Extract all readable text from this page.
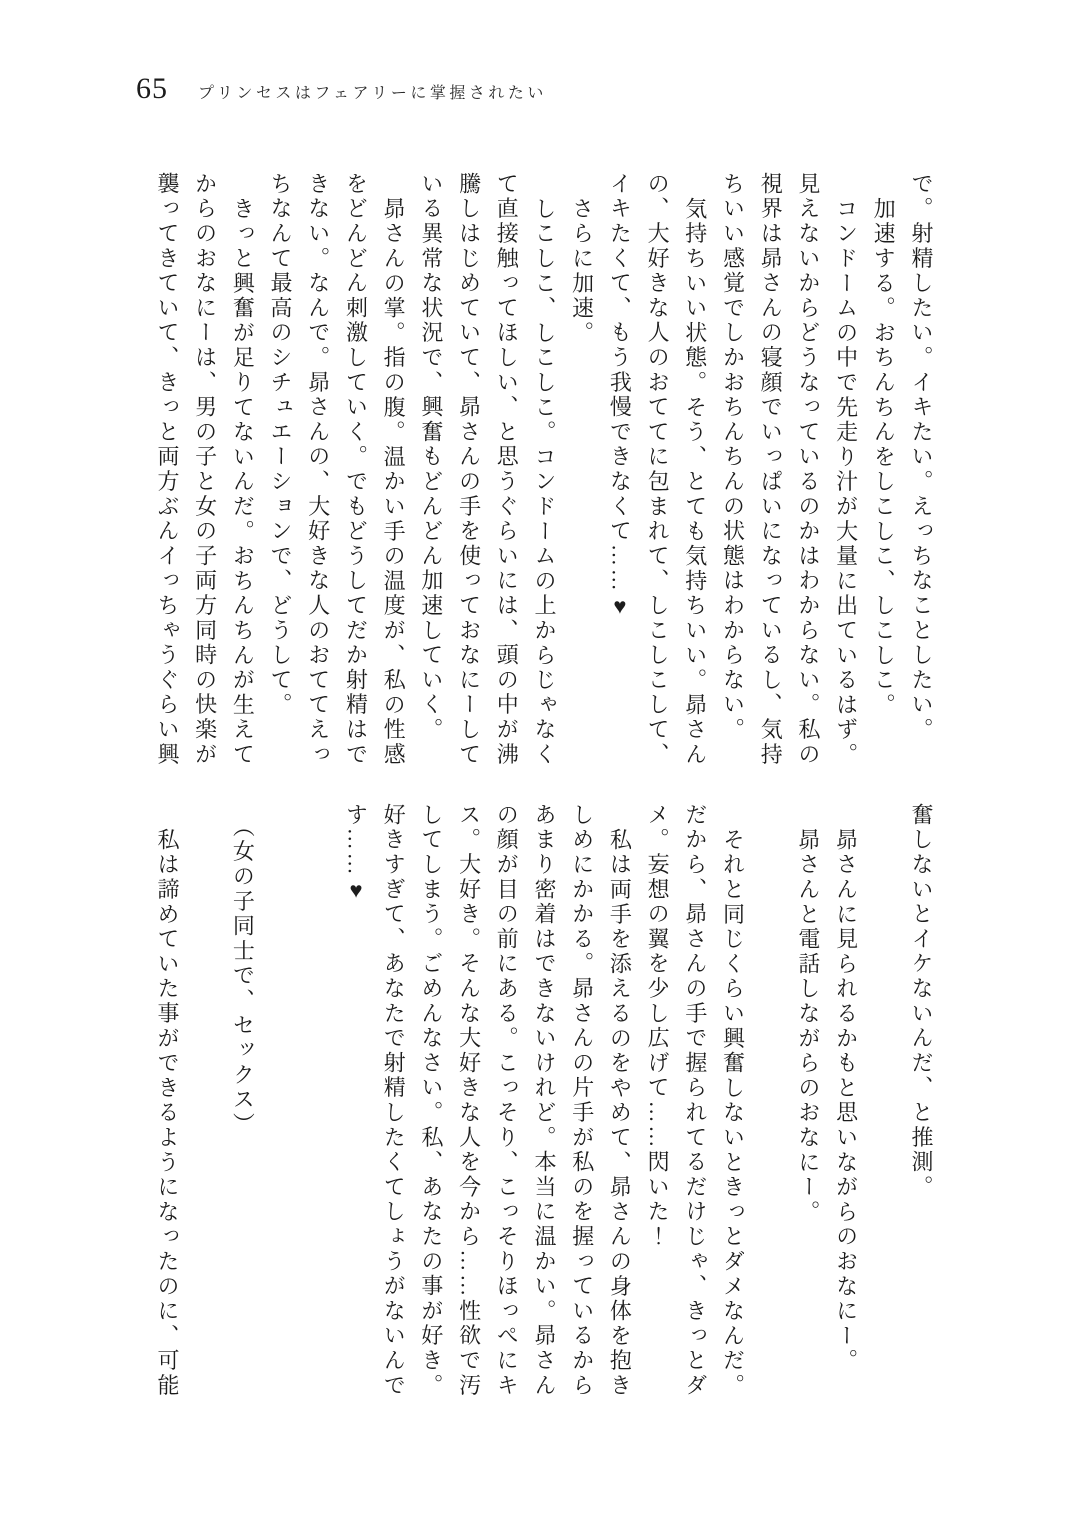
65 プリンセスはフェアリーに掌握されたい

で。射精したい。イキたい。えっちなことしたい。

加速する。おちんちんをしこしこ、しこしこ。

コンドームの中で先走り汁が大量に出ているはず。見えないからどうなっているのかはわからない。私の視界は昴さんの寝顔でいっぱいになっているし、気持ちいい感覚でしかおちんちんの状態はわからない。

気持ちいい状態。そう、とても気持ちいい。昴さんの、大好きな人のおててに包まれて、しこしこして、イキたくて、もう我慢できなくて……♥

さらに加速。

しこしこ、しこしこ。コンドームの上からじゃなくて直接触ってほしい、と思うぐらいには、頭の中が沸騰しはじめていて、昴さんの手を使っておなにーしている異常な状況で、興奮もどんどん加速していく。

昴さんの掌。指の腹。温かい手の温度が、私の性感をどんどん刺激していく。でもどうしてだか射精はできない。なんで。昴さんの、大好きな人のおててえっちなんて最高のシチュエーションで、どうして。

きっと興奮が足りてないんだ。おちんちんが生えてからのおなにーは、男の子と女の子両方同時の快楽が襲ってきていて、きっと両方ぶんイっちゃうぐらい興

奮しないとイケないんだ、と推測。

昴さんに見られるかもと思いながらのおなにー。

昴さんと電話しながらのおなにー。

それと同じくらい興奮しないときっとダメなんだ。だから、昴さんの手で握られてるだけじゃ、きっとダメ。妄想の翼を少し広げて……閃いた！

私は両手を添えるのをやめて、昴さんの身体を抱きしめにかかる。昴さんの片手が私のを握っているからあまり密着はできないけれど。本当に温かい。昴さんの顔が目の前にある。こっそり、こっそりほっぺにキス。大好き。そんな大好きな人を今から……性欲で汚してしまう。ごめんなさい。私、あなたの事が好き。好きすぎて、あなたで射精したくてしょうがないんです……♥

（女の子同士で、セックス）

私は諦めていた事ができるようになったのに、可能
